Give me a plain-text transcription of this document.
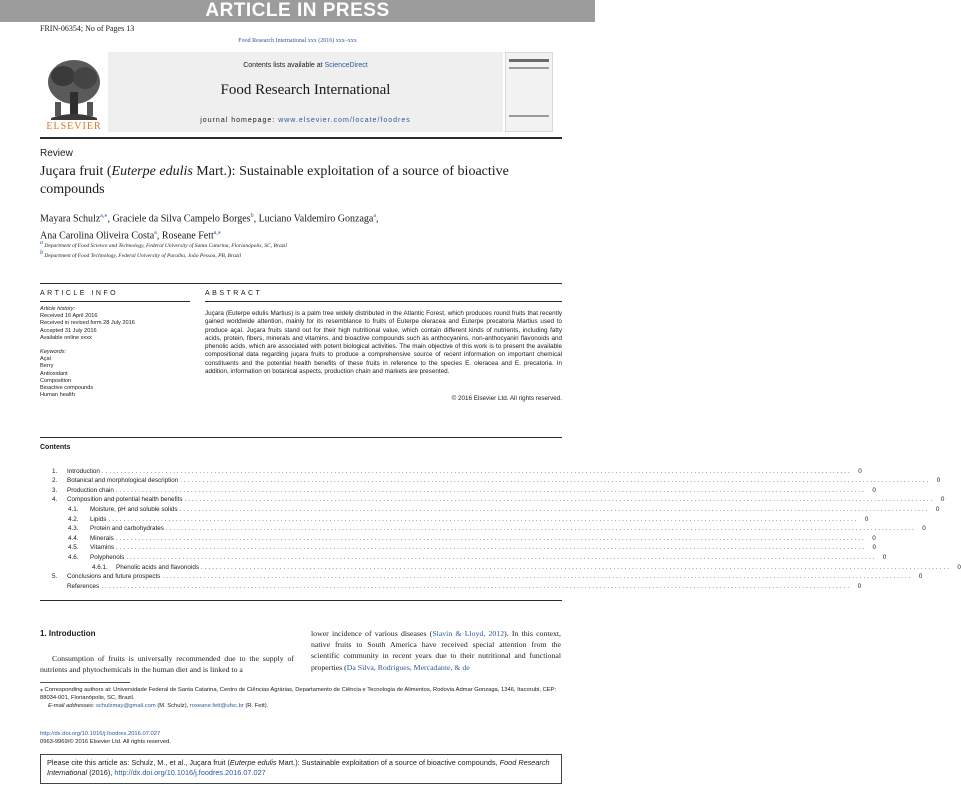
ARTICLE IN PRESS
FRIN-06354; No of Pages 13
Food Research International xxx (2016) xxx–xxx
ELSEVIER
Contents lists available at ScienceDirect
Food Research International
journal homepage: www.elsevier.com/locate/foodres
Review
Juçara fruit (Euterpe edulis Mart.): Sustainable exploitation of a source of bioactive compounds
Mayara Schulz$^{a,⁎}$, Graciele da Silva Campelo Borges$^b$, Luciano Valdemiro Gonzaga$^a$,
Ana Carolina Oliveira Costa$^a$, Roseane Fett$^{a,⁎}$
a Department of Food Science and Technology, Federal University of Santa Catarina, Florianópolis, SC, Brazil
b Department of Food Technology, Federal University of Paraíba, João Pessoa, PB, Brazil
ARTICLE INFO	ABSTRACT
Article history:
Received 16 April 2016
Received in revised form 28 July 2016
Accepted 31 July 2016
Available online xxxx
Keywords:
Açaí
Berry
Antioxidant
Composition
Bioactive compounds
Human health
Juçara (Euterpe edulis Martius) is a palm tree widely distributed in the Atlantic Forest, which produces round fruits that recently gained worldwide attention, mainly for its resemblance to fruits of Euterpe oleracea and Euterpe precatoria Martius used to produce açaí. Juçara fruits stand out for their high nutritional value, which contain different kinds of nutrients, including fatty acids, protein, fibers, minerals and vitamins, and bioactive compounds such as anthocyanins, non-anthocyanin flavonoids and phenolic acids, which are associated with potent biological activities. The main objective of this work is to present the available compositional data regarding juçara fruits to produce a comprehensive source of recent information on important chemical constituents and the potential health benefits of these fruits in reference to the species E. oleracea and E. precatoria. In addition, information on botanical aspects, production chain and markets are presented.
© 2016 Elsevier Ltd. All rights reserved.
Contents
1.	Introduction ........................................................................................................................................................................................................	0
2.	Botanical and morphological description ........................................................................................................................................................................................................	0
3.	Production chain ........................................................................................................................................................................................................	0
4.	Composition and potential health benefits ........................................................................................................................................................................................................	0
4.1.	Moisture, pH and soluble solids ........................................................................................................................................................................................................	0
4.2.	Lipids ........................................................................................................................................................................................................	0
4.3.	Protein and carbohydrates ........................................................................................................................................................................................................	0
4.4.	Minerals ........................................................................................................................................................................................................	0
4.5.	Vitamins ........................................................................................................................................................................................................	0
4.6.	Polyphenols ........................................................................................................................................................................................................	0
4.6.1.	Phenolic acids and flavonoids ........................................................................................................................................................................................................	0
5.	Conclusions and future prospects ........................................................................................................................................................................................................	0
References ........................................................................................................................................................................................................	0
1. Introduction

Consumption of fruits is universally recommended due to the supply of nutrients and phytochemicals in the human diet and is linked to a

lower incidence of various diseases (Slavin & Lloyd, 2012). In this context, native fruits to South America have received special attention from the scientific community in recent years due to their nutritional and functional properties (Da Silva, Rodrigues, Mercadante, & de

⁎ Corresponding authors at: Universidade Federal de Santa Catarina, Centro de Ciências Agrárias, Departamento de Ciência e Tecnologia de Alimentos, Rodovia Admar Gonzaga, 1346, Itacorubi, CEP: 88034-001, Florianópolis, SC, Brazil.
E-mail addresses: schulzmay@gmail.com (M. Schulz), roseane.fett@ufsc.br (R. Fett).
http://dx.doi.org/10.1016/j.foodres.2016.07.027
0963-9969/© 2016 Elsevier Ltd. All rights reserved.
Please cite this article as: Schulz, M., et al., Juçara fruit (Euterpe edulis Mart.): Sustainable exploitation of a source of bioactive compounds, Food Research International (2016), http://dx.doi.org/10.1016/j.foodres.2016.07.027
